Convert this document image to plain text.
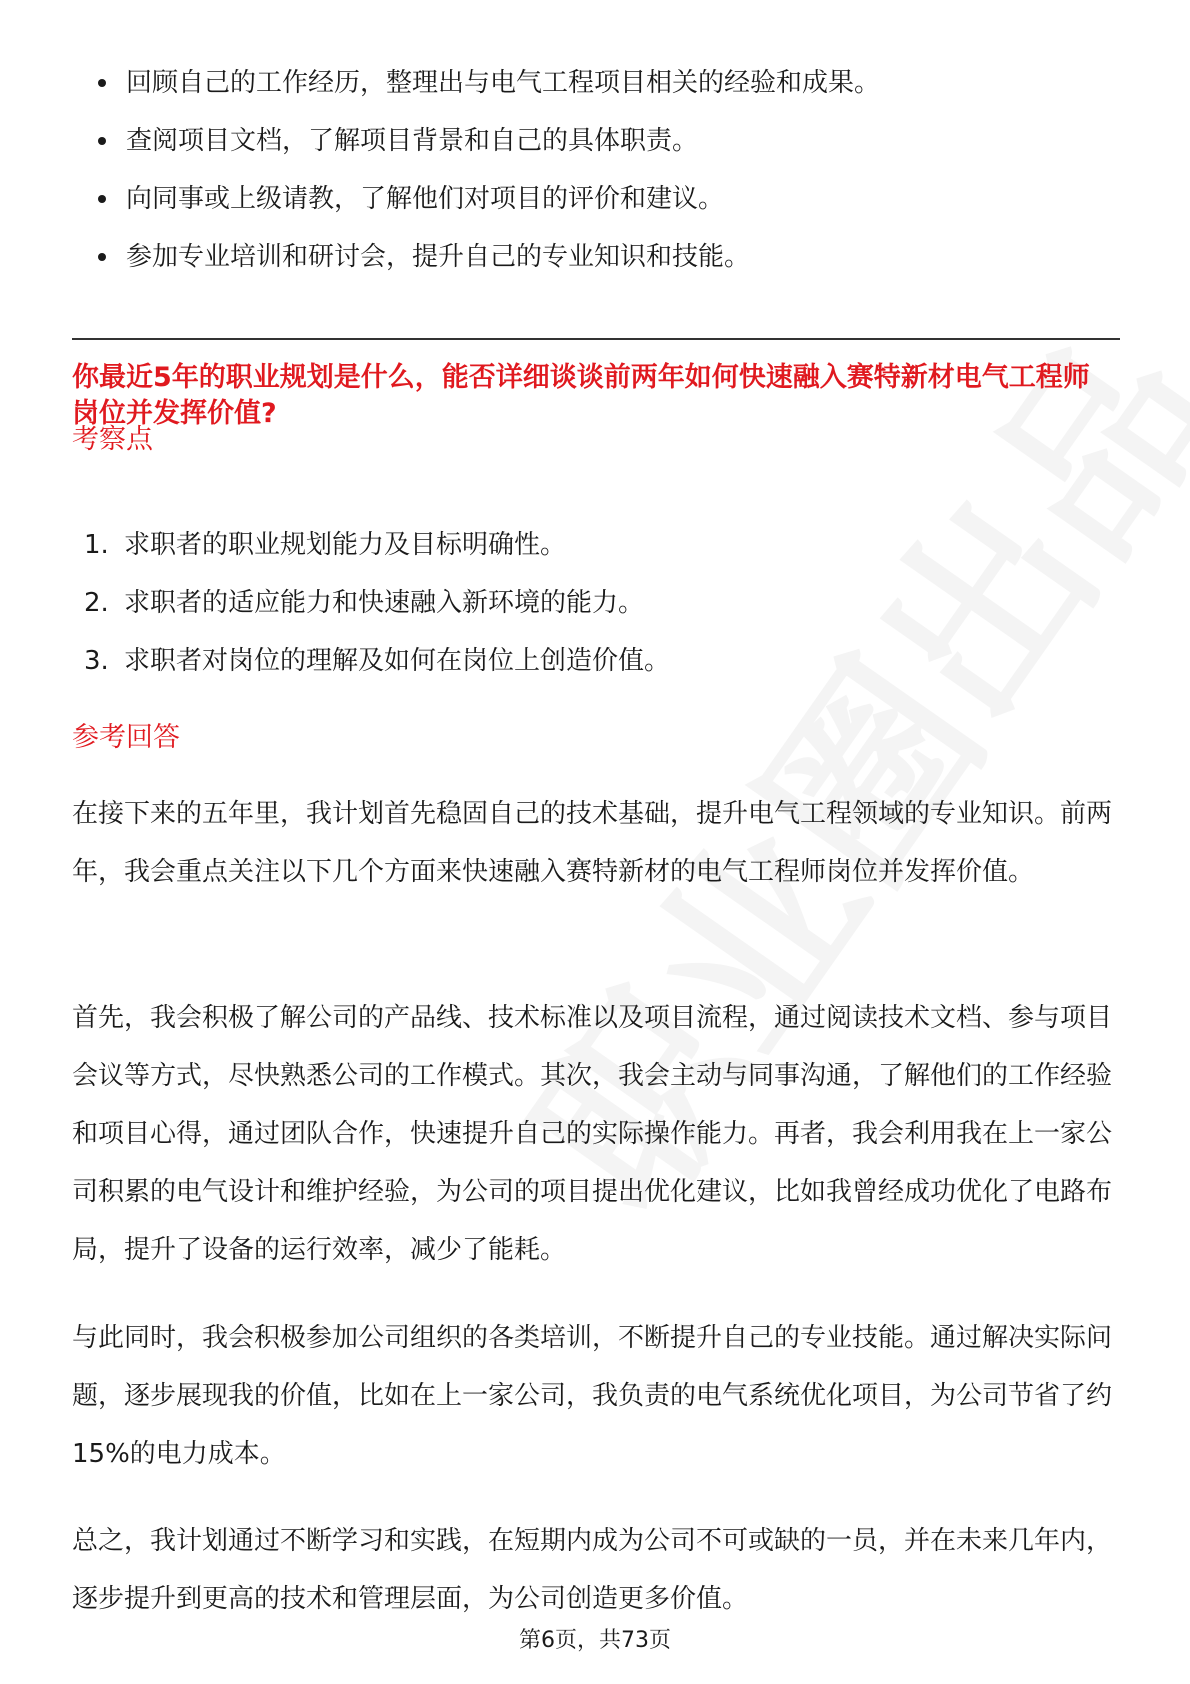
回顾自己的工作经历，整理出与电气工程项目相关的经验和成果。
查阅项目文档，了解项目背景和自己的具体职责。
向同事或上级请教，了解他们对项目的评价和建议。
参加专业培训和研讨会，提升自己的专业知识和技能。

你最近5年的职业规划是什么，能否详细谈谈前两年如何快速融入赛特新材电气工程师岗位并发挥价值?

考察点

1. 求职者的职业规划能力及目标明确性。
2. 求职者的适应能力和快速融入新环境的能力。
3. 求职者对岗位的理解及如何在岗位上创造价值。

参考回答

在接下来的五年里，我计划首先稳固自己的技术基础，提升电气工程领域的专业知识。前两年，我会重点关注以下几个方面来快速融入赛特新材的电气工程师岗位并发挥价值。

首先，我会积极了解公司的产品线、技术标准以及项目流程，通过阅读技术文档、参与项目会议等方式，尽快熟悉公司的工作模式。其次，我会主动与同事沟通，了解他们的工作经验和项目心得，通过团队合作，快速提升自己的实际操作能力。再者，我会利用我在上一家公司积累的电气设计和维护经验，为公司的项目提出优化建议，比如我曾经成功优化了电路布局，提升了设备的运行效率，减少了能耗。

与此同时，我会积极参加公司组织的各类培训，不断提升自己的专业技能。通过解决实际问题，逐步展现我的价值，比如在上一家公司，我负责的电气系统优化项目，为公司节省了约15%的电力成本。

总之，我计划通过不断学习和实践，在短期内成为公司不可或缺的一员，并在未来几年内，逐步提升到更高的技术和管理层面，为公司创造更多价值。

第6页，共73页
